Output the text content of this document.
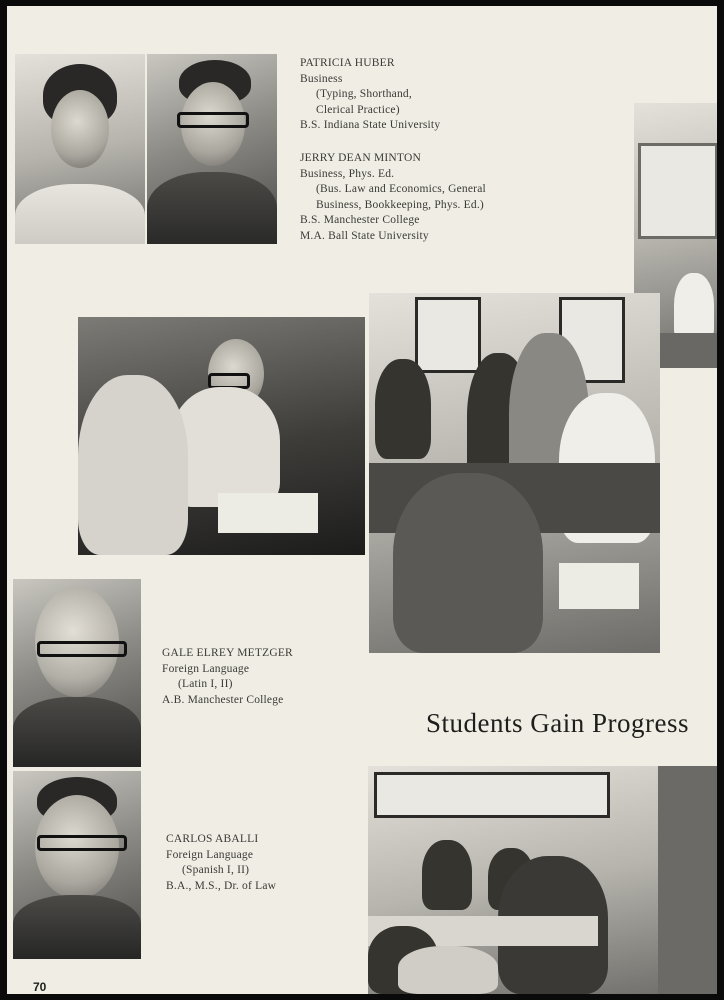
PATRICIA HUBER
Business
(Typing, Shorthand,
Clerical Practice)
B.S. Indiana State University
JERRY DEAN MINTON
Business, Phys. Ed.
(Bus. Law and Economics, General
Business, Bookkeeping, Phys. Ed.)
B.S. Manchester College
M.A. Ball State University
GALE ELREY METZGER
Foreign Language
(Latin I, II)
A.B. Manchester College
Students Gain Progress
CARLOS ABALLI
Foreign Language
(Spanish I, II)
B.A., M.S., Dr. of Law
70
